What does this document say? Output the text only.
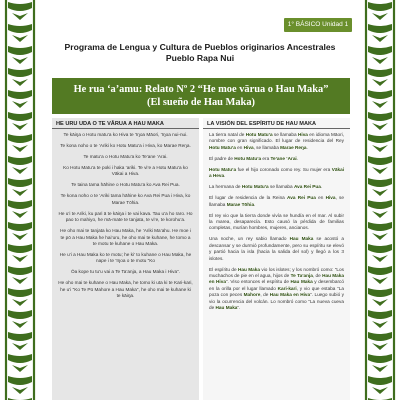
1° BÁSICO Unidad 1
Programa de Lengua y Cultura de Pueblos originarios Ancestrales
Pueblo Rapa Nui
He rua ‘a’amu: Relato Nº 2 “He moe vārua o Hau Maka”
(El sueño de Hau Maka)
HE URU UDA O TE VĀRUA A HAU MAKA
Te kāiŋa o Hotu matu’a ko Hiva te ‘īŋoa Māori, ‘īŋoa nui-nui.
Te kona noho o te ‘Ariki ko Hotu Matu’a i Hiva, ko Marae Reŋa.
Te matu’a o Hotu Matu’a ko Te’ane ‘Arai.
Ko Hotu Matu’a te poki i haka ‘ariki. Te vi’e a Hotu Matu’a ko Vākai a Hiva.
Te taina tama hāhine o Hotu Matu’a ko Ava Rei Pua.
Te kona noho o te ‘Ariki tama hāhine ko Ava Rei Pua i Hiva, ko Marae Tōhia.
He u’i te Ariki, ku pari ā te kāiŋa i te vai kava. Tau u’a ho raro. Ho pao to mahiyo, he mā-mate te tanjata, te vi’e, te korohu’a.
He oho mai te tanjata ko Hau Maka, he ‘Ariki Ma’ahu. He moe i te pō a Hau Maka he hai’uru, he oho mai te kuhane, he tomo a te motu te kuhane o Hau Maka.
He u’i a Hau Maka ko te motu; he ki’ to kuhane o Hau Maka, he nape i te ‘īŋoa o te motu “Ko
Ōa kope tu tu’u vai a Te Ta’anja, a Hau Maka i Hiva”.
He oho mai te kuhane o Hau Maka, he tomo ki uta ki te Kari-kari, he u’i “Ko Te Pū Mahore a Hau Maka”, he oho mai te kuhane ki te kāiŋa.
LA VISIÓN DEL ESPÍRITU DE HAU MAKA
La tierra natal de Hotu Matu’a se llamaba Hiva en idioma Māori, nombre con gran significado. El lugar de residencia del Rey Hotu Matu’a en Hiva, se llamaba Marae Reŋa.
El padre de Hotu Matu’a era Te’ane ‘Arai.
Hotu Matu’a fue el hijo coronado como rey. Su mujer era Vākai a Heva.
La hermana de Hotu Matu’a se llamaba Ava Rei Pua.
El lugar de residencia de la Reina Ava Rei Pua en Hiva, se llamaba Marae Tōhia.
El rey vio que la tierra donde vivía se hundía en el mar. Al subir la marea, desaparecía. Esto causó la pérdida de familias completas, murían hombres, mujeres, ancianos.
Una noche, un rey sabio llamado Hau Maka se acostó a descansar y se durmió profundamente, pero su espíritu se elevó y partió hacia la isla (hacia la salida del sol) y llegó a los 3 islotes.
El espíritu de Hau Maka vio los islotes; y los nombró como: “Los muchachos de pie en el agua, hijos de Te Ta’anja, de Hau Maka en Hiva”. Viso entonces el espíritu de Hau Maka y desembarcó en la orilla por el lugar llamado Kari-kari, y vio que estaba “La poza con peces Mahore, de Hau Maka en Hiva”. Luego subió y vio la ocurrencia del volcán. Lo nombró como “La nueva cueva de Hau Maka”.
